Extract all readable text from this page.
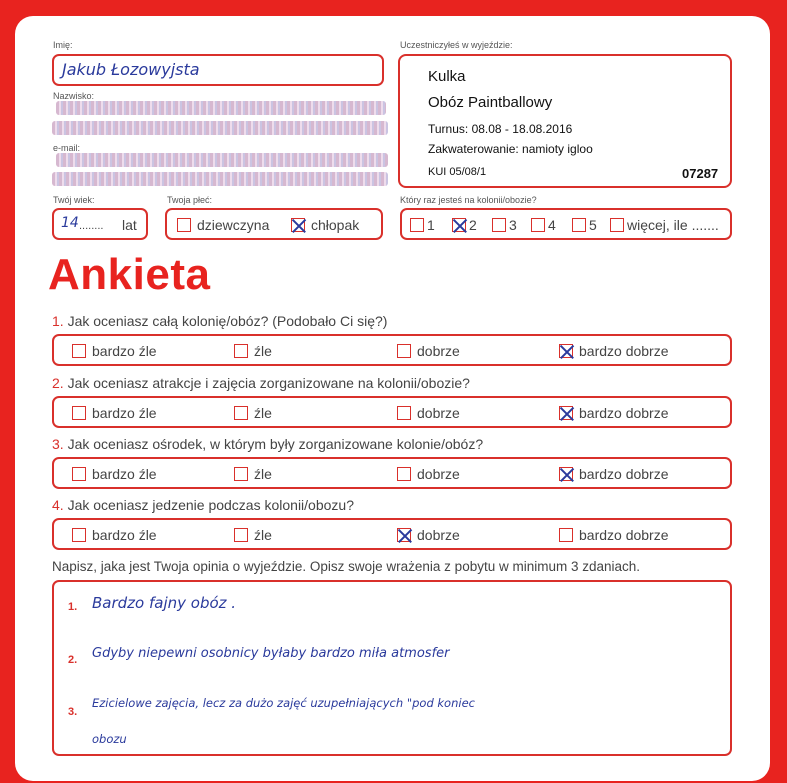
Imię:
Jakub Łozowyjsta
Nazwisko:
e-mail:
Uczestniczyłeś w wyjeździe:
Kulka
Obóz Paintballowy
Turnus: 08.08 - 18.08.2016
Zakwaterowanie: namioty igloo
KUI 05/08/1	07287
Twój wiek:
14 ........ lat
Twoja płeć:
dziewczyna	chłopak
Który raz jesteś na kolonii/obozie?
1 2 3 4 5 więcej, ile .......
Ankieta
1. Jak oceniasz całą kolonię/obóz? (Podobało Ci się?)
bardzo źle	źle	dobrze	bardzo dobrze
2. Jak oceniasz atrakcje i zajęcia zorganizowane na kolonii/obozie?
bardzo źle	źle	dobrze	bardzo dobrze
3. Jak oceniasz ośrodek, w którym były zorganizowane kolonie/obóz?
bardzo źle	źle	dobrze	bardzo dobrze
4. Jak oceniasz jedzenie podczas kolonii/obozu?
bardzo źle	źle	dobrze	bardzo dobrze
Napisz, jaka jest Twoja opinia o wyjeździe. Opisz swoje wrażenia z pobytu w minimum 3 zdaniach.
1. Bardzo fajny obóz .
2. Gdyby niepewni osobnicy byłaby bardzo miła atmosfer
3.
Ezicielowe zajęcia, lecz za dużo zajęć uzupełniających "pod koniec
obozu
